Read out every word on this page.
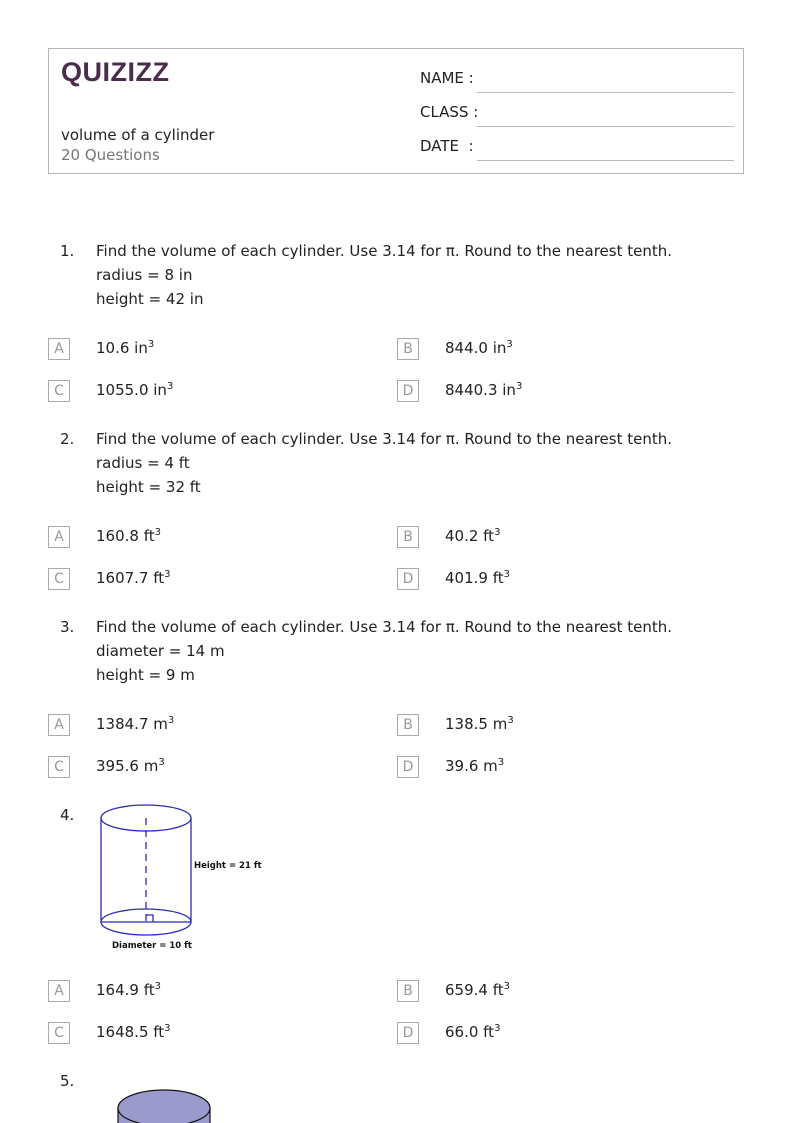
QUIZIZZ
volume of a cylinder
20 Questions
NAME :
CLASS :
DATE  :
1. Find the volume of each cylinder. Use 3.14 for π. Round to the nearest tenth.
radius = 8 in
height = 42 in
A	10.6 $in^3$	B	844.0 $in^3$
C	1055.0 $in^3$	D	8440.3 $in^3$
2. Find the volume of each cylinder. Use 3.14 for π. Round to the nearest tenth.
radius = 4 ft
height = 32 ft
A	160.8 $ft^3$	B	40.2 $ft^3$
C	1607.7 $ft^3$	D	401.9 $ft^3$
3. Find the volume of each cylinder. Use 3.14 for π. Round to the nearest tenth.
diameter = 14 m
height = 9 m
A	1384.7 $m^3$	B	138.5 $m^3$
C	395.6 $m^3$	D	39.6 $m^3$
4.
Height = 21 ft
Diameter = 10 ft
A	164.9 $ft^3$	B	659.4 $ft^3$
C	1648.5 $ft^3$	D	66.0 $ft^3$
5.
